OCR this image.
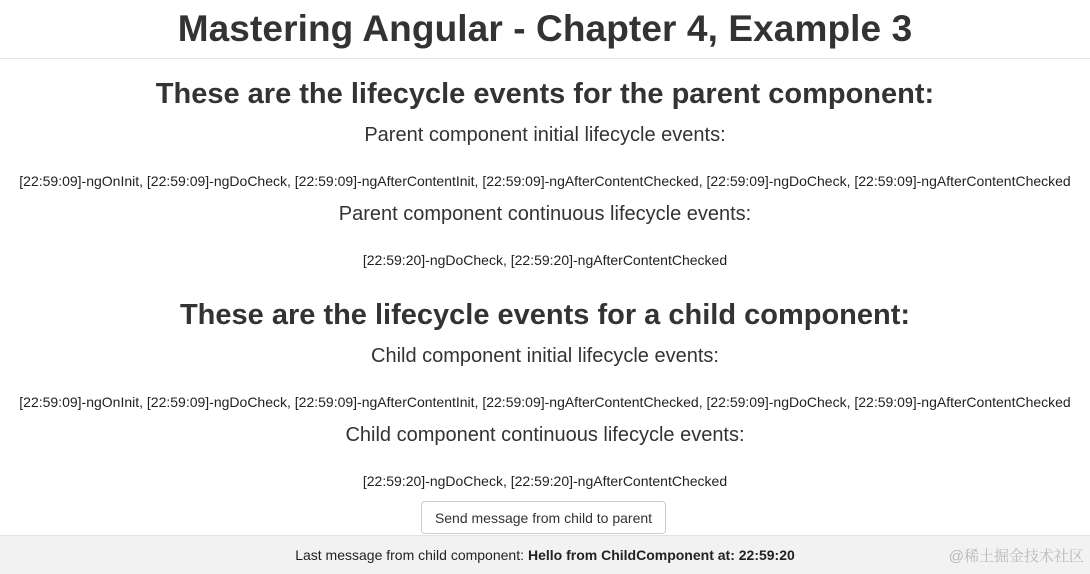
Mastering Angular - Chapter 4, Example 3
These are the lifecycle events for the parent component:

Parent component initial lifecycle events:

[22:59:09]-ngOnInit, [22:59:09]-ngDoCheck, [22:59:09]-ngAfterContentInit, [22:59:09]-ngAfterContentChecked, [22:59:09]-ngDoCheck, [22:59:09]-ngAfterContentChecked

Parent component continuous lifecycle events:

[22:59:20]-ngDoCheck, [22:59:20]-ngAfterContentChecked

These are the lifecycle events for a child component:

Child component initial lifecycle events:

[22:59:09]-ngOnInit, [22:59:09]-ngDoCheck, [22:59:09]-ngAfterContentInit, [22:59:09]-ngAfterContentChecked, [22:59:09]-ngDoCheck, [22:59:09]-ngAfterContentChecked

Child component continuous lifecycle events:

[22:59:20]-ngDoCheck, [22:59:20]-ngAfterContentChecked

Send message from child to parent
Last message from child component: Hello from ChildComponent at: 22:59:20	@稀土掘金技术社区
